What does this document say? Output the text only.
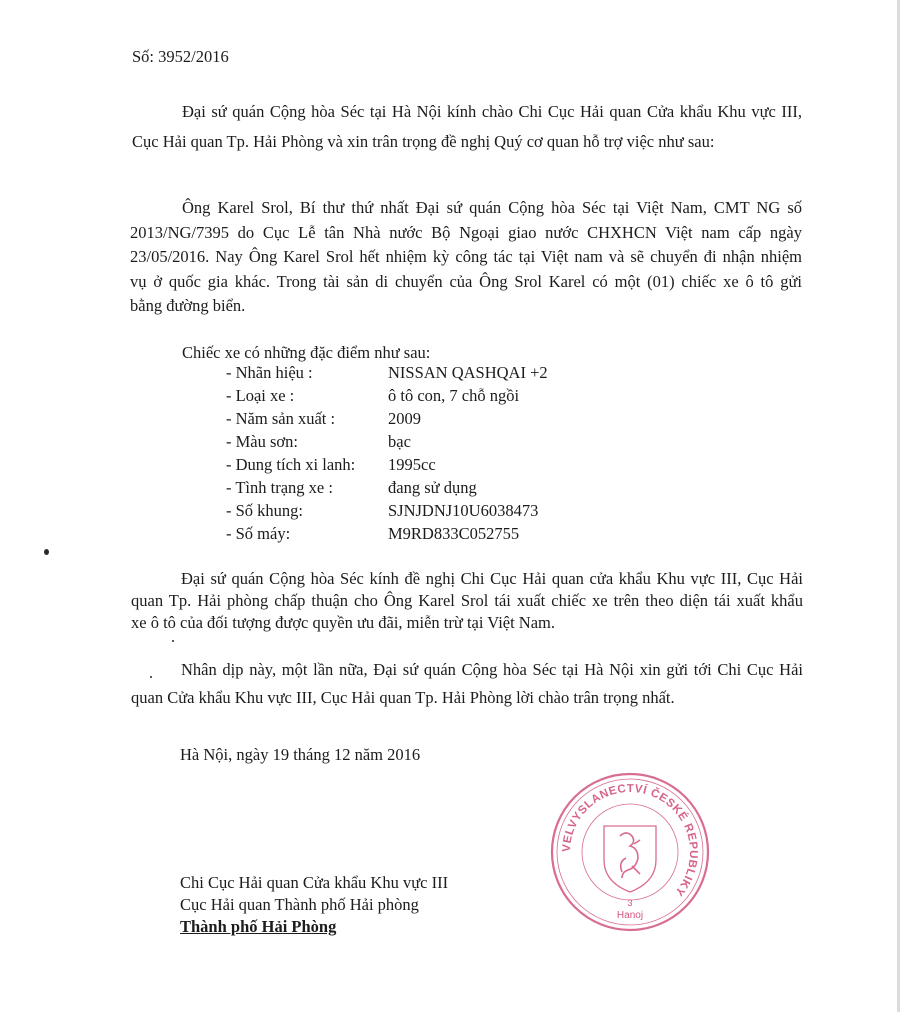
Số: 3952/2016

Đại sứ quán Cộng hòa Séc tại Hà Nội kính chào Chi Cục Hải quan Cửa khẩu Khu vực III,

Cục Hải quan Tp. Hải Phòng và xin trân trọng đề nghị Quý cơ quan hỗ trợ việc như sau:

Ông Karel Srol, Bí thư thứ nhất Đại sứ quán Cộng hòa Séc tại Việt Nam, CMT NG số

2013/NG/7395 do Cục Lễ tân Nhà nước Bộ Ngoại giao nước CHXHCN Việt nam cấp ngày

23/05/2016. Nay Ông Karel Srol hết nhiệm kỳ công tác tại Việt nam và sẽ chuyển đi nhận nhiệm

vụ ở quốc gia khác. Trong tài sản di chuyển của Ông Srol Karel có một (01) chiếc xe ô tô gửi

bằng đường biển.

Chiếc xe có những đặc điểm như sau:
- Nhãn hiệu :	NISSAN QASHQAI +2
- Loại xe :	ô tô con, 7 chỗ ngồi
- Năm sản xuất :	2009
- Màu sơn:	bạc
- Dung tích xi lanh: 1995cc
- Tình trạng xe :	đang sử dụng
- Số khung:	SJNJDNJ10U6038473
- Số máy:	M9RD833C052755

Đại sứ quán Cộng hòa Séc kính đề nghị Chi Cục Hải quan cửa khẩu Khu vực III, Cục Hải

quan Tp. Hải phòng chấp thuận cho Ông Karel Srol tái xuất chiếc xe trên theo diện tái xuất khẩu

xe ô tô của đối tượng được quyền ưu đãi, miễn trừ tại Việt Nam.

Nhân dịp này, một lần nữa, Đại sứ quán Cộng hòa Séc tại Hà Nội xin gửi tới Chi Cục Hải

quan Cửa khẩu Khu vực III, Cục Hải quan Tp. Hải Phòng lời chào trân trọng nhất.

Hà Nội, ngày 19 tháng 12 năm 2016
Chi Cục Hải quan Cửa khẩu Khu vực III
Cục Hải quan Thành phố Hải phòng
Thành phố Hải Phòng
VELVYSLANECTVÍ ČESKÉ REPUBLIKY
3
Hanoj
